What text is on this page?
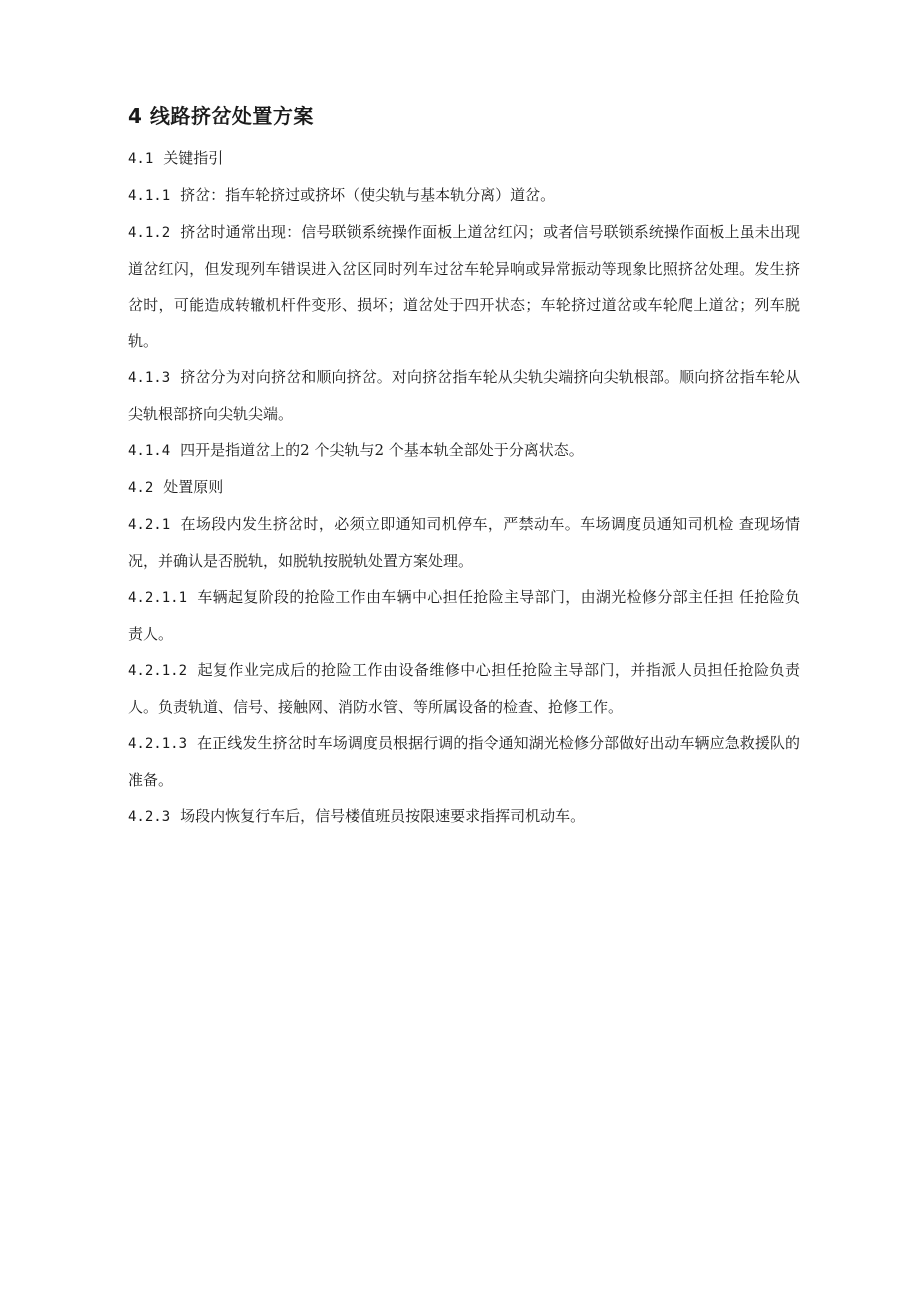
4 线路挤岔处置方案

4.1 关键指引

4.1.1 挤岔：指车轮挤过或挤坏（使尖轨与基本轨分离）道岔。

4.1.2 挤岔时通常出现：信号联锁系统操作面板上道岔红闪；或者信号联锁系统操作面板上虽未出现道岔红闪，但发现列车错误进入岔区同时列车过岔车轮异响或异常振动等现象比照挤岔处理。发生挤岔时，可能造成转辙机杆件变形、损坏；道岔处于四开状态；车轮挤过道岔或车轮爬上道岔；列车脱轨。

4.1.3 挤岔分为对向挤岔和顺向挤岔。对向挤岔指车轮从尖轨尖端挤向尖轨根部。顺向挤岔指车轮从尖轨根部挤向尖轨尖端。

4.1.4 四开是指道岔上的2 个尖轨与2 个基本轨全部处于分离状态。

4.2 处置原则

4.2.1 在场段内发生挤岔时，必须立即通知司机停车，严禁动车。车场调度员通知司机检 查现场情况，并确认是否脱轨，如脱轨按脱轨处置方案处理。

4.2.1.1 车辆起复阶段的抢险工作由车辆中心担任抢险主导部门，由湖光检修分部主任担 任抢险负责人。

4.2.1.2 起复作业完成后的抢险工作由设备维修中心担任抢险主导部门，并指派人员担任抢险负责人。负责轨道、信号、接触网、消防水管、等所属设备的检查、抢修工作。

4.2.1.3 在正线发生挤岔时车场调度员根据行调的指令通知湖光检修分部做好出动车辆应急救援队的准备。

4.2.3 场段内恢复行车后，信号楼值班员按限速要求指挥司机动车。
